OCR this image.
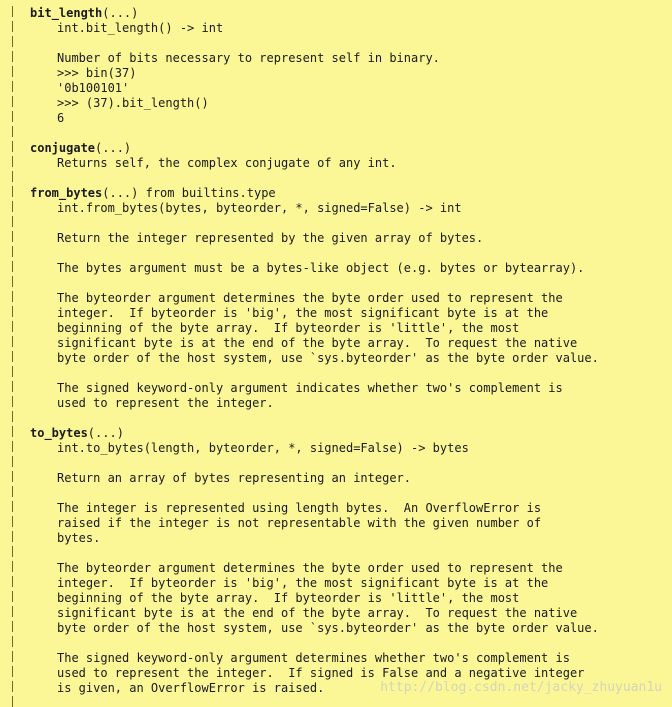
bit_length(...)
int.bit_length() -> int
Number of bits necessary to represent self in binary.
>>> bin(37)
'0b100101'
>>> (37).bit_length()
6
conjugate(...)
Returns self, the complex conjugate of any int.
from_bytes(...) from builtins.type
int.from_bytes(bytes, byteorder, *, signed=False) -> int
Return the integer represented by the given array of bytes.
The bytes argument must be a bytes-like object (e.g. bytes or bytearray).
The byteorder argument determines the byte order used to represent the
integer.  If byteorder is 'big', the most significant byte is at the
beginning of the byte array.  If byteorder is 'little', the most
significant byte is at the end of the byte array.  To request the native
byte order of the host system, use `sys.byteorder' as the byte order value.
The signed keyword-only argument indicates whether two's complement is
used to represent the integer.
to_bytes(...)
int.to_bytes(length, byteorder, *, signed=False) -> bytes
Return an array of bytes representing an integer.
The integer is represented using length bytes.  An OverflowError is
raised if the integer is not representable with the given number of
bytes.
The byteorder argument determines the byte order used to represent the
integer.  If byteorder is 'big', the most significant byte is at the
beginning of the byte array.  If byteorder is 'little', the most
significant byte is at the end of the byte array.  To request the native
byte order of the host system, use `sys.byteorder' as the byte order value.
The signed keyword-only argument determines whether two's complement is
used to represent the integer.  If signed is False and a negative integer
is given, an OverflowError is raised.	http://blog.csdn.net/jacky_zhuyuan1u
